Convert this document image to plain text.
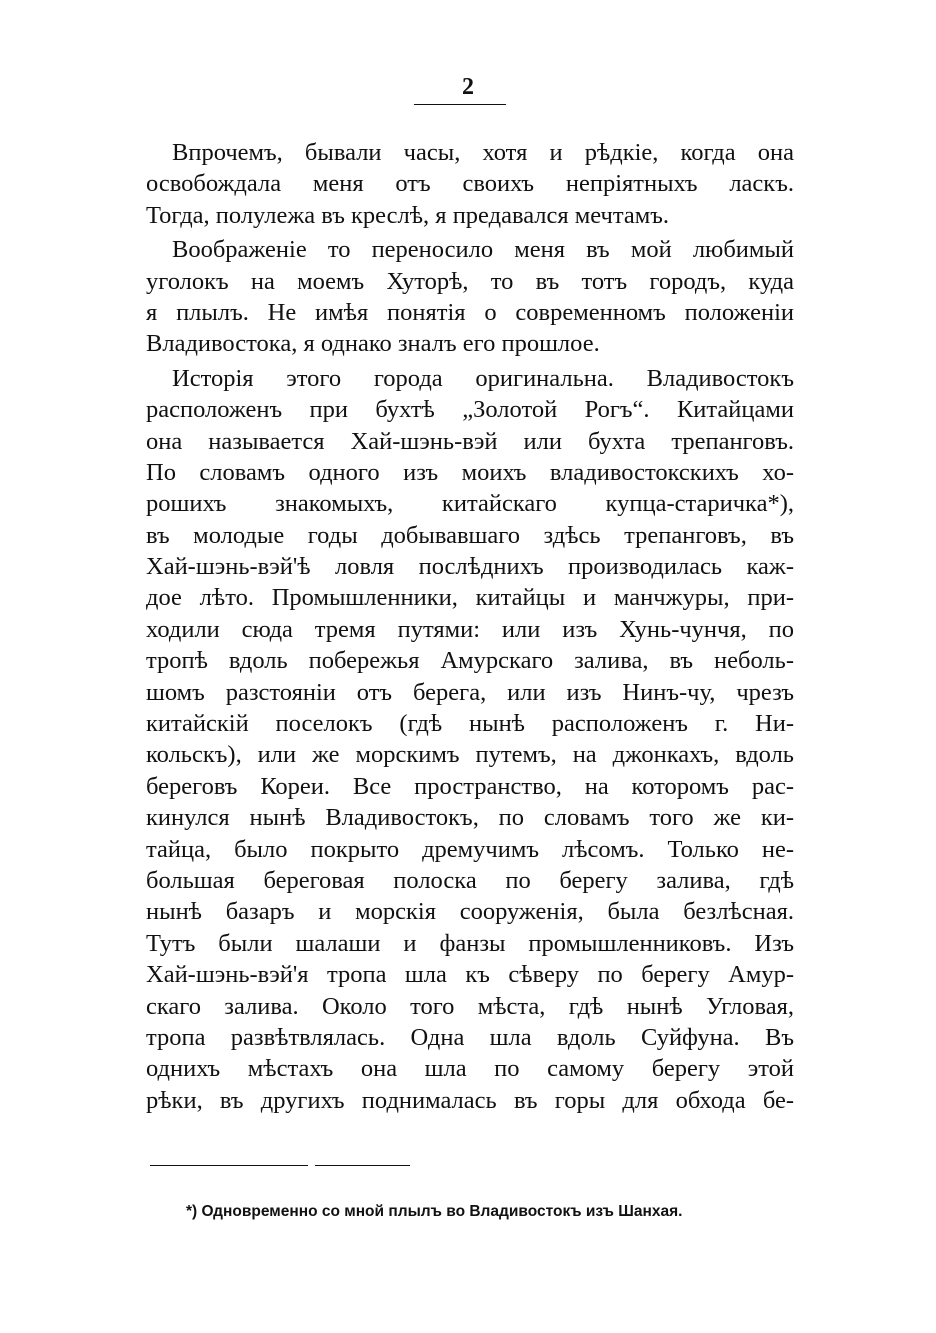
2
Впрочемъ, бывали часы, хотя и рѣдкіе, когда она
освобождала меня отъ своихъ непріятныхъ ласкъ.
Тогда, полулежа въ креслѣ, я предавался мечтамъ.
Воображеніе то переносило меня въ мой любимый
уголокъ на моемъ Хуторѣ, то въ тотъ городъ, куда
я плылъ. Не имѣя понятія о современномъ положеніи
Владивостока, я однако зналъ его прошлое.
Исторія этого города оригинальна. Владивостокъ
расположенъ при бухтѣ „Золотой Рогъ“. Китайцами
она называется Хай-шэнь-вэй или бухта трепанговъ.
По словамъ одного изъ моихъ владивостокскихъ хо-
рошихъ знакомыхъ, китайскаго купца-старичка*),
въ молодые годы добывавшаго здѣсь трепанговъ, въ
Хай-шэнь-вэй'ѣ ловля послѣднихъ производилась каж-
дое лѣто. Промышленники, китайцы и манчжуры, при-
ходили сюда тремя путями: или изъ Хунь-чунчя, по
тропѣ вдоль побережья Амурскаго залива, въ неболь-
шомъ разстояніи отъ берега, или изъ Нинъ-чу, чрезъ
китайскій поселокъ (гдѣ нынѣ расположенъ г. Ни-
кольскъ), или же морскимъ путемъ, на джонкахъ, вдоль
береговъ Кореи. Все пространство, на которомъ рас-
кинулся нынѣ Владивостокъ, по словамъ того же ки-
тайца, было покрыто дремучимъ лѣсомъ. Только не-
большая береговая полоска по берегу залива, гдѣ
нынѣ базаръ и морскія сооруженія, была безлѣсная.
Тутъ были шалаши и фанзы промышленниковъ. Изъ
Хай-шэнь-вэй'я тропа шла къ сѣверу по берегу Амур-
скаго залива. Около того мѣста, гдѣ нынѣ Угловая,
тропа развѣтвлялась. Одна шла вдоль Суйфуна. Въ
однихъ мѣстахъ она шла по самому берегу этой
рѣки, въ другихъ поднималась въ горы для обхода бе-
*) Одновременно со мной плылъ во Владивостокъ изъ Шанхая.
